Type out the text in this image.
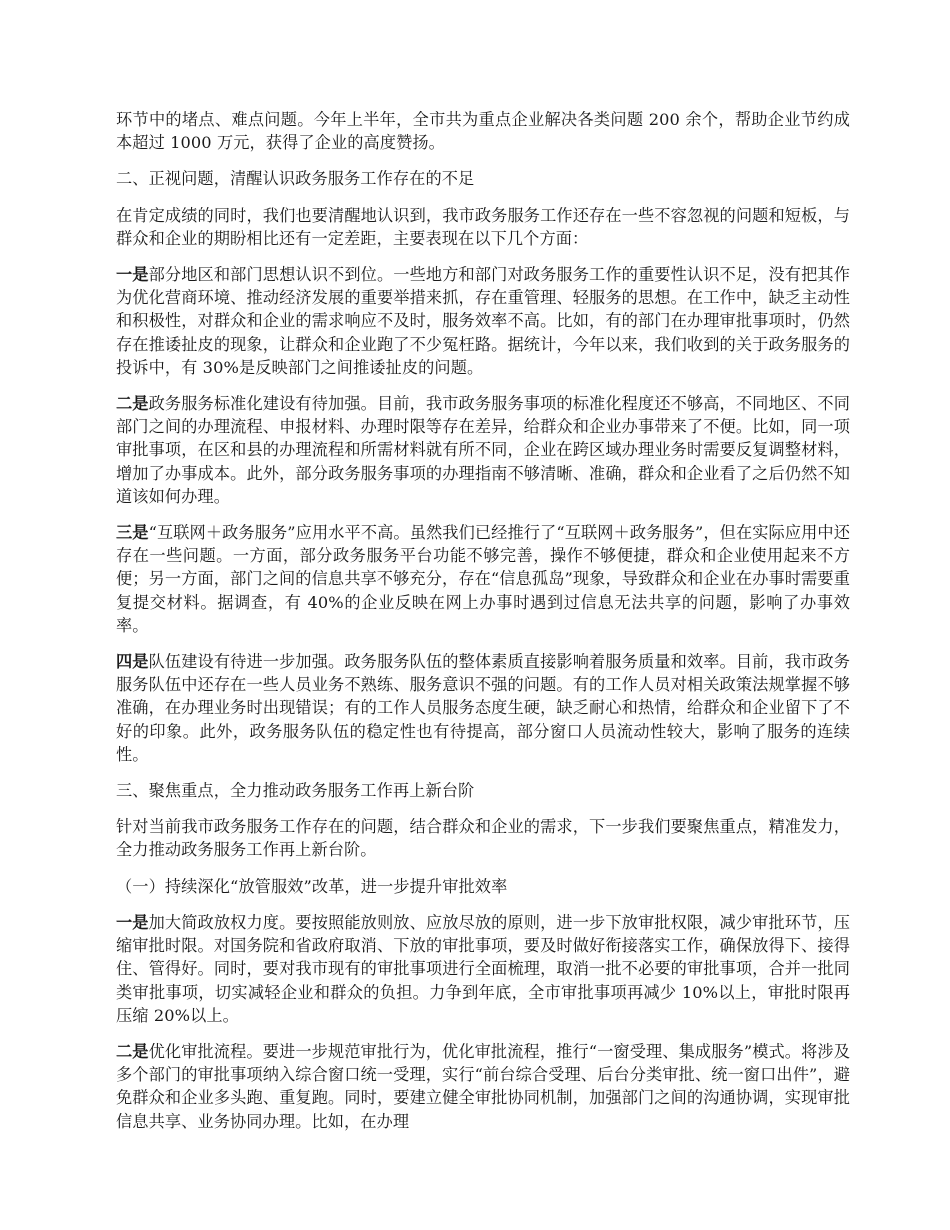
环节中的堵点、难点问题。今年上半年，全市共为重点企业解决各类问题 200 余个，帮助企业节约成本超过 1000 万元，获得了企业的高度赞扬。

二、正视问题，清醒认识政务服务工作存在的不足

在肯定成绩的同时，我们也要清醒地认识到，我市政务服务工作还存在一些不容忽视的问题和短板，与群众和企业的期盼相比还有一定差距，主要表现在以下几个方面：

一是部分地区和部门思想认识不到位。一些地方和部门对政务服务工作的重要性认识不足，没有把其作为优化营商环境、推动经济发展的重要举措来抓，存在重管理、轻服务的思想。在工作中，缺乏主动性和积极性，对群众和企业的需求响应不及时，服务效率不高。比如，有的部门在办理审批事项时，仍然存在推诿扯皮的现象，让群众和企业跑了不少冤枉路。据统计，今年以来，我们收到的关于政务服务的投诉中，有 30%是反映部门之间推诿扯皮的问题。

二是政务服务标准化建设有待加强。目前，我市政务服务事项的标准化程度还不够高，不同地区、不同部门之间的办理流程、申报材料、办理时限等存在差异，给群众和企业办事带来了不便。比如，同一项审批事项，在区和县的办理流程和所需材料就有所不同，企业在跨区域办理业务时需要反复调整材料，增加了办事成本。此外，部分政务服务事项的办理指南不够清晰、准确，群众和企业看了之后仍然不知道该如何办理。

三是“互联网＋政务服务”应用水平不高。虽然我们已经推行了“互联网＋政务服务”，但在实际应用中还存在一些问题。一方面，部分政务服务平台功能不够完善，操作不够便捷，群众和企业使用起来不方便；另一方面，部门之间的信息共享不够充分，存在“信息孤岛”现象，导致群众和企业在办事时需要重复提交材料。据调查，有 40%的企业反映在网上办事时遇到过信息无法共享的问题，影响了办事效率。

四是队伍建设有待进一步加强。政务服务队伍的整体素质直接影响着服务质量和效率。目前，我市政务服务队伍中还存在一些人员业务不熟练、服务意识不强的问题。有的工作人员对相关政策法规掌握不够准确，在办理业务时出现错误；有的工作人员服务态度生硬，缺乏耐心和热情，给群众和企业留下了不好的印象。此外，政务服务队伍的稳定性也有待提高，部分窗口人员流动性较大，影响了服务的连续性。

三、聚焦重点，全力推动政务服务工作再上新台阶

针对当前我市政务服务工作存在的问题，结合群众和企业的需求，下一步我们要聚焦重点，精准发力，全力推动政务服务工作再上新台阶。

（一）持续深化“放管服效”改革，进一步提升审批效率

一是加大简政放权力度。要按照能放则放、应放尽放的原则，进一步下放审批权限，减少审批环节，压缩审批时限。对国务院和省政府取消、下放的审批事项，要及时做好衔接落实工作，确保放得下、接得住、管得好。同时，要对我市现有的审批事项进行全面梳理，取消一批不必要的审批事项，合并一批同类审批事项，切实减轻企业和群众的负担。力争到年底，全市审批事项再减少 10%以上，审批时限再压缩 20%以上。

二是优化审批流程。要进一步规范审批行为，优化审批流程，推行“一窗受理、集成服务”模式。将涉及多个部门的审批事项纳入综合窗口统一受理，实行“前台综合受理、后台分类审批、统一窗口出件”，避免群众和企业多头跑、重复跑。同时，要建立健全审批协同机制，加强部门之间的沟通协调，实现审批信息共享、业务协同办理。比如，在办理
